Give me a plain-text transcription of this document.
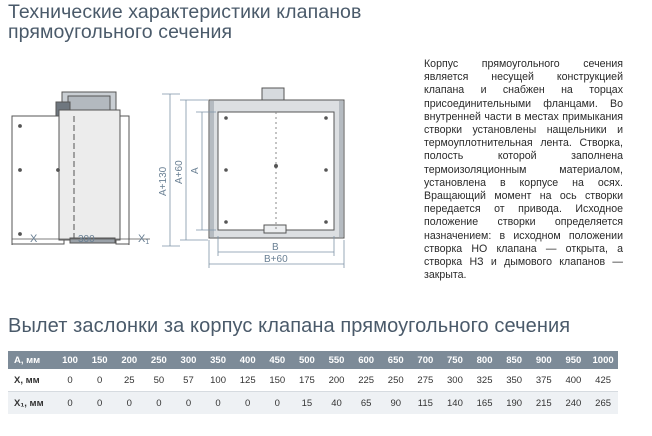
Технические характеристики клапанов
прямоугольного сечения
X	300	X1
A+130 A+60 A
B
B+60

Корпус прямоугольного сечения является несущей конструкцией клапана и снабжен на торцах присоединительными фланцами. Во внутренней части в местах примыкания створки установлены нащельники и термоуплотнительная лента. Створка, полость которой заполнена термоизоляционным материалом, установлена в корпусе на осях. Вращающий момент на ось створки передается от привода. Исходное положение створки определяется назначением: в исходном положении створка НО клапана — открыта, а створка НЗ и дымового клапанов — закрыта.

Вылет заслонки за корпус клапана прямоугольного сечения
A, мм	100	150	200	250	300	350	400	450	500	550	600	650	700	750	800	850	900	950	1000
X, мм	0	0	25	50	57	100	125	150	175	200	225	250	275	300	325	350	375	400	425
X₁, мм	0	0	0	0	0	0	0	0	15	40	65	90	115	140	165	190	215	240	265
